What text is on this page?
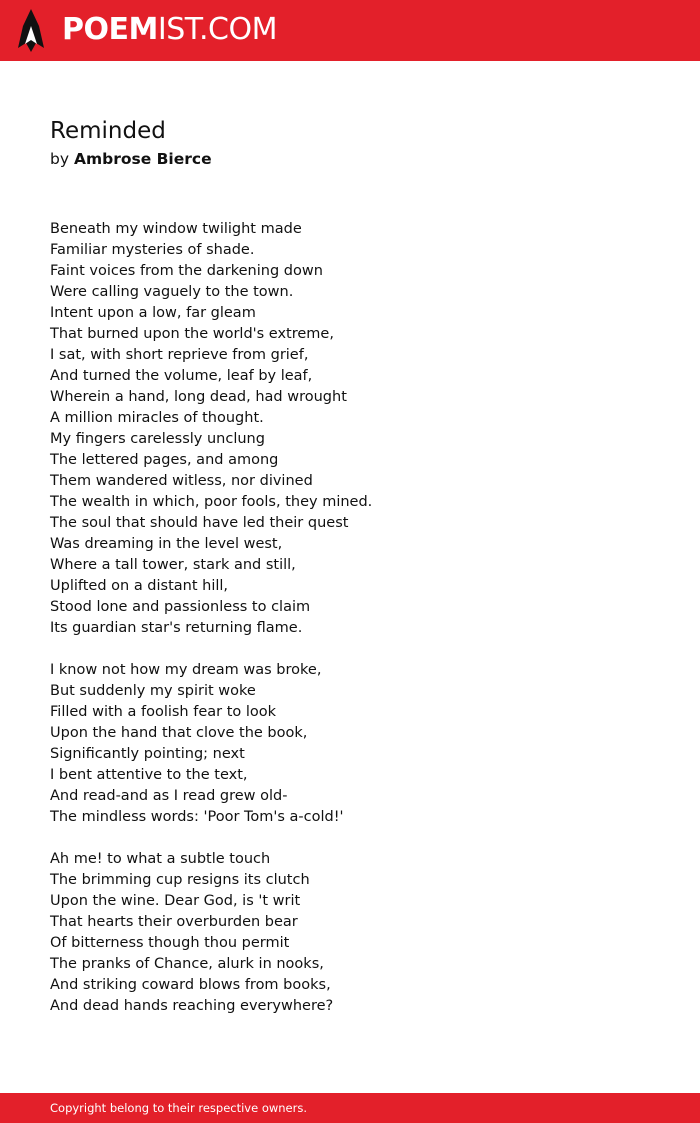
POEMIST.COM
Reminded

by Ambrose Bierce

Beneath my window twilight made
Familiar mysteries of shade.
Faint voices from the darkening down
Were calling vaguely to the town.
Intent upon a low, far gleam
That burned upon the world's extreme,
I sat, with short reprieve from grief,
And turned the volume, leaf by leaf,
Wherein a hand, long dead, had wrought
A million miracles of thought.
My fingers carelessly unclung
The lettered pages, and among
Them wandered witless, nor divined
The wealth in which, poor fools, they mined.
The soul that should have led their quest
Was dreaming in the level west,
Where a tall tower, stark and still,
Uplifted on a distant hill,
Stood lone and passionless to claim
Its guardian star's returning flame.
I know not how my dream was broke,
But suddenly my spirit woke
Filled with a foolish fear to look
Upon the hand that clove the book,
Significantly pointing; next
I bent attentive to the text,
And read-and as I read grew old-
The mindless words: 'Poor Tom's a-cold!'
Ah me! to what a subtle touch
The brimming cup resigns its clutch
Upon the wine. Dear God, is 't writ
That hearts their overburden bear
Of bitterness though thou permit
The pranks of Chance, alurk in nooks,
And striking coward blows from books,
And dead hands reaching everywhere?
Copyright belong to their respective owners.
